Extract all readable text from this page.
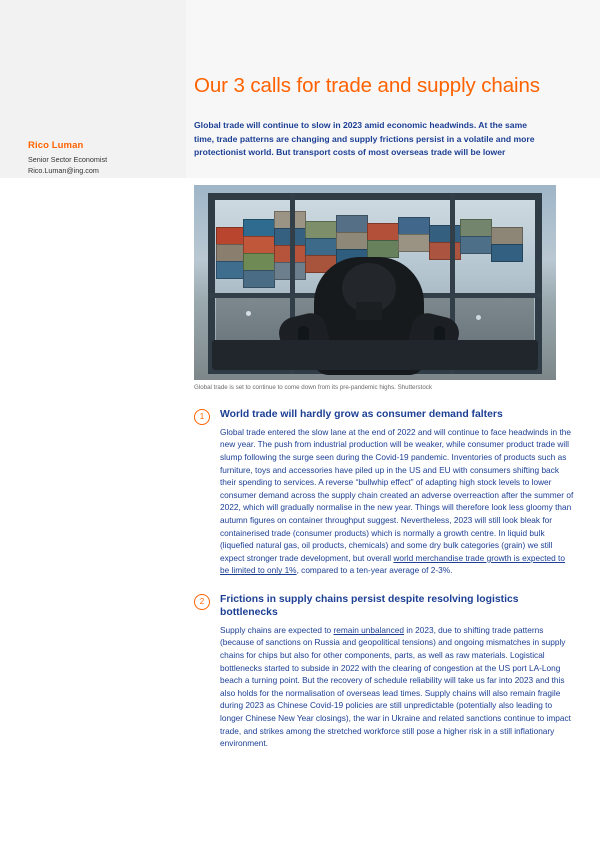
Rico Luman

Senior Sector Economist

Rico.Luman@ing.com

Our 3 calls for trade and supply chains

Global trade will continue to slow in 2023 amid economic headwinds. At the same time, trade patterns are changing and supply frictions persist in a volatile and more protectionist world. But transport costs of most overseas trade will be lower

Global trade is set to continue to come down from its pre-pandemic highs. Shutterstock

1	World trade will hardly grow as consumer demand falters

Global trade entered the slow lane at the end of 2022 and will continue to face headwinds in the new year. The push from industrial production will be weaker, while consumer product trade will slump following the surge seen during the Covid-19 pandemic. Inventories of products such as furniture, toys and accessories have piled up in the US and EU with consumers shifting back their spending to services. A reverse “bullwhip effect” of adapting high stock levels to lower consumer demand across the supply chain created an adverse overreaction after the summer of 2022, which will gradually normalise in the new year. Things will therefore look less gloomy than autumn figures on container throughput suggest. Nevertheless, 2023 will still look bleak for containerised trade (consumer products) which is normally a growth centre. In liquid bulk (liquefied natural gas, oil products, chemicals) and some dry bulk categories (grain) we still expect stronger trade development, but overall world merchandise trade growth is expected to be limited to only 1%, compared to a ten-year average of 2-3%.

2	Frictions in supply chains persist despite resolving logistics bottlenecks

Supply chains are expected to remain unbalanced in 2023, due to shifting trade patterns (because of sanctions on Russia and geopolitical tensions) and ongoing mismatches in supply chains for chips but also for other components, parts, as well as raw materials. Logistical bottlenecks started to subside in 2022 with the clearing of congestion at the US port LA-Long beach a turning point. But the recovery of schedule reliability will take us far into 2023 and this also holds for the normalisation of overseas lead times. Supply chains will also remain fragile during 2023 as Chinese Covid-19 policies are still unpredictable (potentially also leading to longer Chinese New Year closings), the war in Ukraine and related sanctions continue to impact trade, and strikes among the stretched workforce still pose a higher risk in a still inflationary environment.
